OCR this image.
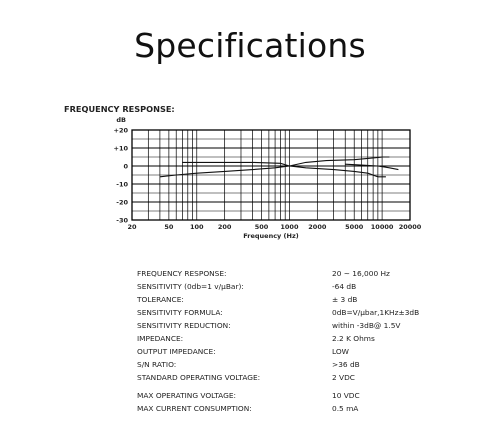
Specifications
FREQUENCY RESPONSE:
dB
+20
+10
0
-10
-20
-30
20	50	100 200	500 1000 2000	5000 10000 20000
Frequency (Hz)
FREQUENCY RESPONSE:	20 ~ 16,000 Hz
SENSITIVITY (0db=1 v/μBar):	-64 dB
TOLERANCE:	± 3 dB
SENSITIVITY FORMULA:	0dB=V/μbar,1KHz±3dB
SENSITIVITY REDUCTION:	within -3dB@ 1.5V
IMPEDANCE:	2.2 K Ohms
OUTPUT IMPEDANCE:	LOW
S/N RATIO:	>36 dB
STANDARD OPERATING VOLTAGE:	2 VDC
MAX OPERATING VOLTAGE:	10 VDC
MAX CURRENT CONSUMPTION:	0.5 mA
